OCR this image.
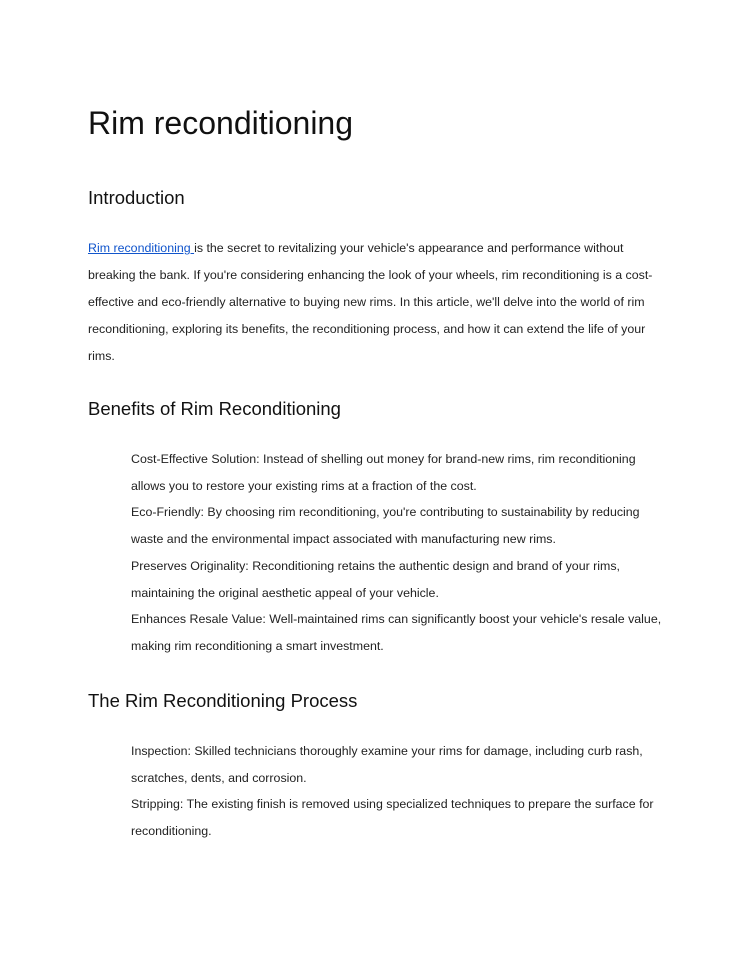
Rim reconditioning
Introduction

Rim reconditioning is the secret to revitalizing your vehicle's appearance and performance without breaking the bank. If you're considering enhancing the look of your wheels, rim reconditioning is a cost-effective and eco-friendly alternative to buying new rims. In this article, we'll delve into the world of rim reconditioning, exploring its benefits, the reconditioning process, and how it can extend the life of your rims.

Benefits of Rim Reconditioning
Cost-Effective Solution: Instead of shelling out money for brand-new rims, rim reconditioning allows you to restore your existing rims at a fraction of the cost.
Eco-Friendly: By choosing rim reconditioning, you're contributing to sustainability by reducing waste and the environmental impact associated with manufacturing new rims.
Preserves Originality: Reconditioning retains the authentic design and brand of your rims, maintaining the original aesthetic appeal of your vehicle.
Enhances Resale Value: Well-maintained rims can significantly boost your vehicle's resale value, making rim reconditioning a smart investment.
The Rim Reconditioning Process
Inspection: Skilled technicians thoroughly examine your rims for damage, including curb rash, scratches, dents, and corrosion.
Stripping: The existing finish is removed using specialized techniques to prepare the surface for reconditioning.
